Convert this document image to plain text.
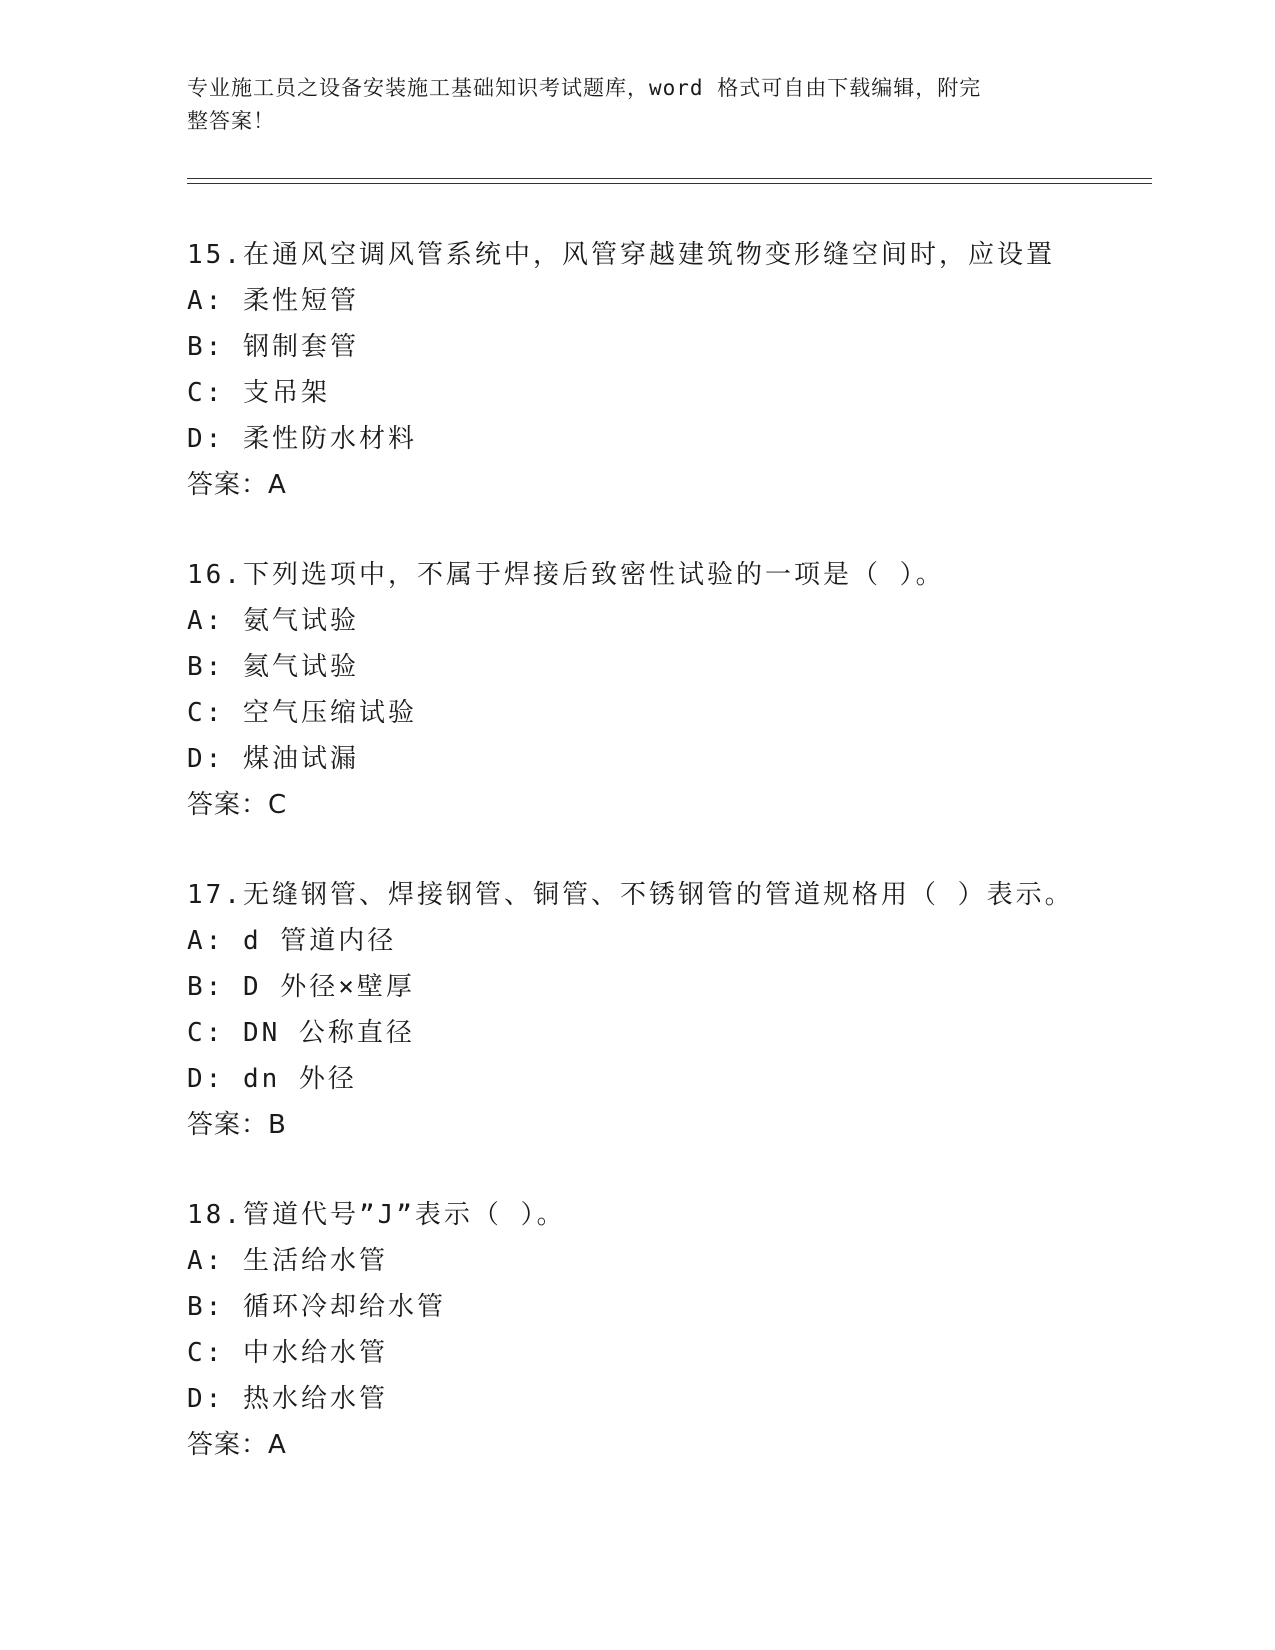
专业施工员之设备安装施工基础知识考试题库，word 格式可自由下载编辑，附完
整答案！
15.在通风空调风管系统中，风管穿越建筑物变形缝空间时，应设置
A: 柔性短管
B: 钢制套管
C: 支吊架
D: 柔性防水材料
答案：A
16.下列选项中，不属于焊接后致密性试验的一项是（ ）。
A: 氨气试验
B: 氦气试验
C: 空气压缩试验
D: 煤油试漏
答案：C
17.无缝钢管、焊接钢管、铜管、不锈钢管的管道规格用（ ）表示。
A: d 管道内径
B: D 外径×壁厚
C: DN 公称直径
D: dn 外径
答案：B
18.管道代号”J”表示（ ）。
A: 生活给水管
B: 循环冷却给水管
C: 中水给水管
D: 热水给水管
答案：A
